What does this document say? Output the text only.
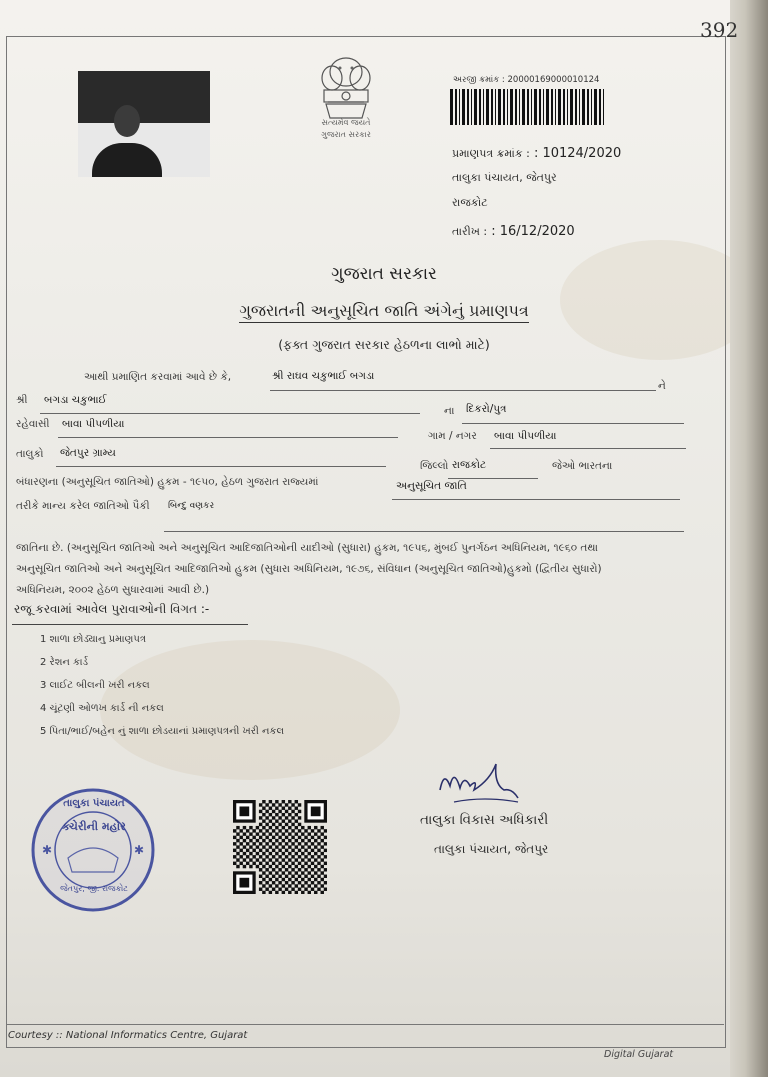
392
સત્યમેવ જયતે
ગુજરાત સરકાર
અરજી ક્રમાંક : 20000169000010124
પ્રમાણપત્ર ક્રમાંક : : 10124/2020
તાલુકા પંચાયત, જેતપુર
રાજકોટ
તારીખ : : 16/12/2020
ગુજરાત સરકાર
ગુજરાતની અનુસૂચિત જાતિ અંગેનું પ્રમાણપત્ર
(ફક્ત ગુજરાત સરકાર હેઠળના લાભો માટે)
આથી પ્રમાણિત કરવામાં આવે છે કે,	શ્રી રાઘવ ચકુભાઈ બગડા
ને
શ્રી બગડા ચકુભાઈ
ના દિકરો/પુત્ર
રહેવાસી બાવા પીપળીયા
ગામ / નગર બાવા પીપળીયા
તાલુકો જેતપુર ગ્રામ્ય
જિલ્લો રાજકોટ	જેઓ ભારતના
બંધારણના (અનુસૂચિત જાતિઓ) હુકમ - ૧૯૫૦, હેઠળ ગુજરાત રાજ્યમાં	અનુસૂચિત જાતિ
તરીકે માન્ય કરેલ જાતિઓ પૈકી બિન્દુ વણકર
જાતિના છે. (અનુસૂચિત જાતિઓ અને અનુસૂચિત આદિજાતિઓની યાદીઓ (સુધારા) હુકમ, ૧૯૫૬, મુંબઈ પુનર્ગઠન અધિનિયમ, ૧૯૬૦ તથા
અનુસૂચિત જાતિઓ અને અનુસૂચિત આદિજાતિઓ હુકમ (સુધારા અધિનિયમ, ૧૯૭૬, સંવિધાન (અનુસૂચિત જાતિઓ)હુકમો (દ્વિતીય સુધારો)
અધિનિયમ, ૨૦૦૨ હેઠળ સુધારવામાં આવી છે.)
રજૂ કરવામાં આવેલ પુરાવાઓની વિગત :-
1 શાળા છોડ્યાનુ પ્રમાણપત્ર
2 રેશન કાર્ડ
3 લાઈટ બીલની ખરી નકલ
4 ચૂંટણી ઓળખ કાર્ડ ની નકલ
5 પિતા/ભાઈ/બહેન નું શાળા છોડયાનાં પ્રમાણપત્રની ખરી નકલ
✱	✱
તાલુકા પંચાયત
ક્ચેરીની મહોર
જેતપુર, જી. રાજકોટ
તાલુકા વિકાસ અધિકારી
તાલુકા પંચાયત, જેતપુર
Courtesy :: National Informatics Centre, Gujarat
Digital Gujarat
